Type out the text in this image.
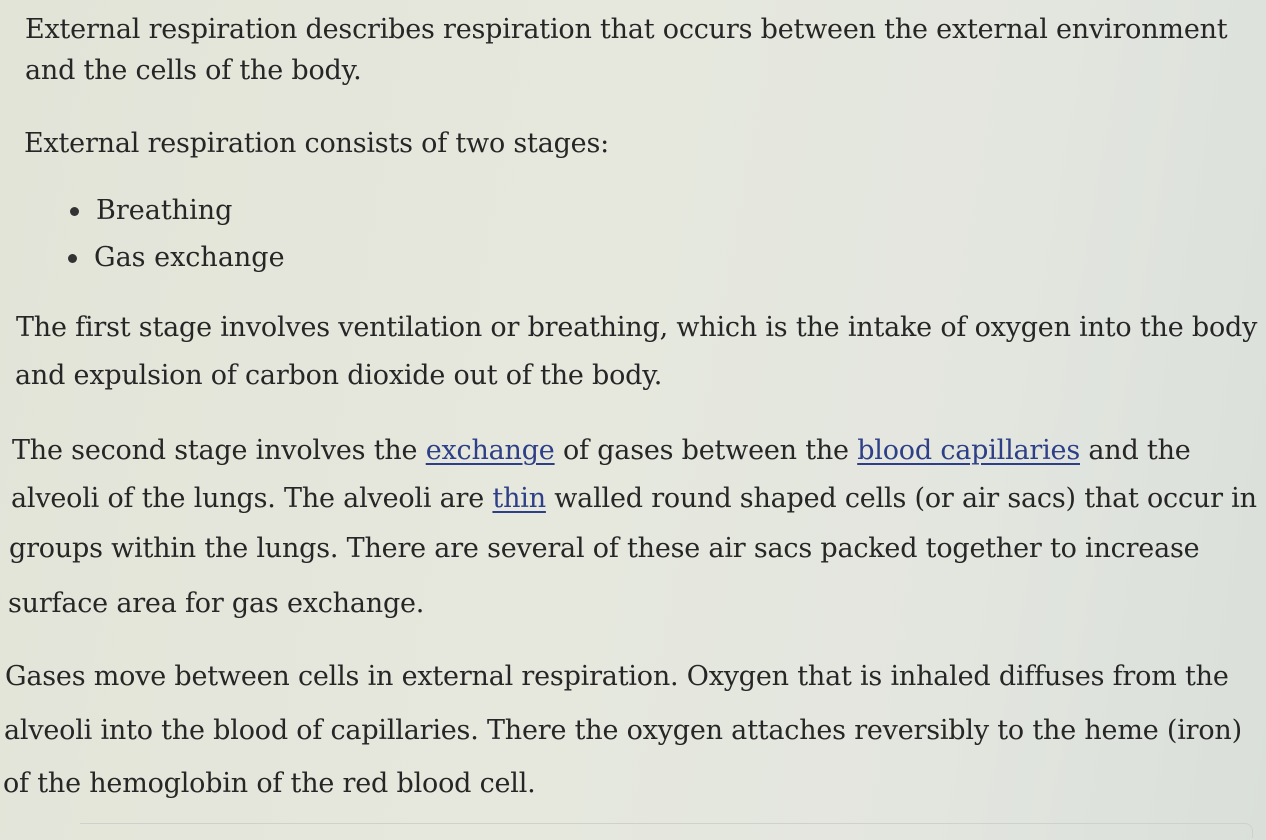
External respiration describes respiration that occurs between the external environment
and the cells of the body.
External respiration consists of two stages:
Breathing
Gas exchange
The first stage involves ventilation or breathing, which is the intake of oxygen into the body
and expulsion of carbon dioxide out of the body.
The second stage involves the exchange of gases between the blood capillaries and the
alveoli of the lungs. The alveoli are thin walled round shaped cells (or air sacs) that occur in
groups within the lungs. There are several of these air sacs packed together to increase
surface area for gas exchange.
Gases move between cells in external respiration. Oxygen that is inhaled diffuses from the
alveoli into the blood of capillaries. There the oxygen attaches reversibly to the heme (iron)
of the hemoglobin of the red blood cell.
